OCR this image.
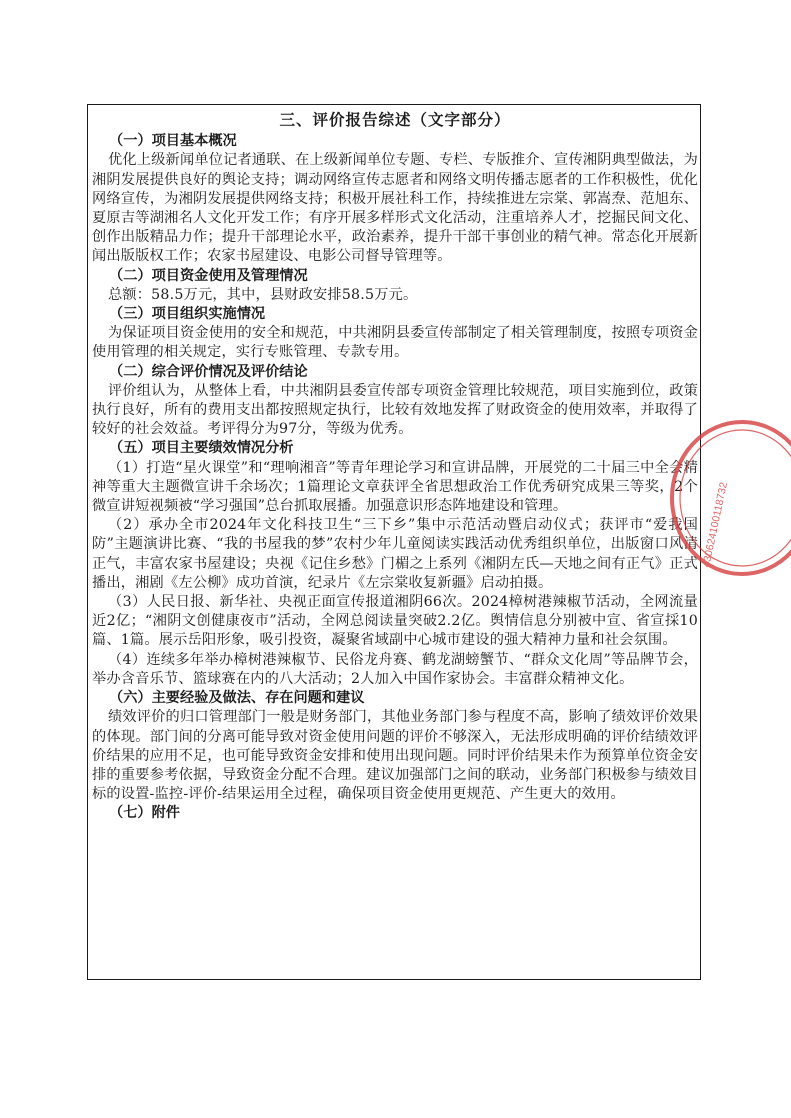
三、评价报告综述（文字部分）
（一）项目基本概况
优化上级新闻单位记者通联、在上级新闻单位专题、专栏、专版推介、宣传湘阴典型做法，为湘阴发展提供良好的舆论支持；调动网络宣传志愿者和网络文明传播志愿者的工作积极性，优化网络宣传，为湘阴发展提供网络支持；积极开展社科工作，持续推进左宗棠、郭嵩焘、范旭东、夏原吉等湖湘名人文化开发工作；有序开展多样形式文化活动，注重培养人才，挖掘民间文化、创作出版精品力作；提升干部理论水平，政治素养，提升干部干事创业的精气神。常态化开展新闻出版版权工作；农家书屋建设、电影公司督导管理等。
（二）项目资金使用及管理情况
总额：58.5万元，其中，县财政安排58.5万元。
（三）项目组织实施情况
为保证项目资金使用的安全和规范，中共湘阴县委宣传部制定了相关管理制度，按照专项资金使用管理的相关规定，实行专账管理、专款专用。
（二）综合评价情况及评价结论
评价组认为，从整体上看，中共湘阴县委宣传部专项资金管理比较规范，项目实施到位，政策执行良好，所有的费用支出都按照规定执行，比较有效地发挥了财政资金的使用效率，并取得了较好的社会效益。考评得分为97分，等级为优秀。
（五）项目主要绩效情况分析
（1）打造“星火课堂”和“理响湘音”等青年理论学习和宣讲品牌，开展党的二十届三中全会精神等重大主题微宣讲千余场次；1篇理论文章获评全省思想政治工作优秀研究成果三等奖，2个微宣讲短视频被“学习强国”总台抓取展播。加强意识形态阵地建设和管理。
（2）承办全市2024年文化科技卫生“三下乡”集中示范活动暨启动仪式；获评市“爱我国防”主题演讲比赛、“我的书屋我的梦”农村少年儿童阅读实践活动优秀组织单位，出版窗口风清正气，丰富农家书屋建设；央视《记住乡愁》门楣之上系列《湘阴左氏—天地之间有正气》正式播出，湘剧《左公柳》成功首演，纪录片《左宗棠收复新疆》启动拍摄。
（3）人民日报、新华社、央视正面宣传报道湘阴66次。2024樟树港辣椒节活动，全网流量近2亿；“湘阴文创健康夜市”活动，全网总阅读量突破2.2亿。舆情信息分别被中宣、省宣採10篇、1篇。展示岳阳形象，吸引投资，凝聚省域副中心城市建设的强大精神力量和社会氛围。
（4）连续多年举办樟树港辣椒节、民俗龙舟赛、鹤龙湖螃蟹节、“群众文化周”等品牌节会，举办含音乐节、篮球赛在内的八大活动；2人加入中国作家协会。丰富群众精神文化。
（六）主要经验及做法、存在问题和建议
绩效评价的归口管理部门一般是财务部门，其他业务部门参与程度不高，影响了绩效评价效果的体现。部门间的分离可能导致对资金使用问题的评价不够深入，无法形成明确的评价结绩效评价结果的应用不足，也可能导致资金安排和使用出现问题。同时评价结果未作为预算单位资金安排的重要参考依据，导致资金分配不合理。建议加强部门之间的联动，业务部门积极参与绩效目标的设置-监控-评价-结果运用全过程，确保项目资金使用更规范、产生更大的效用。
（七）附件
430624100118732
